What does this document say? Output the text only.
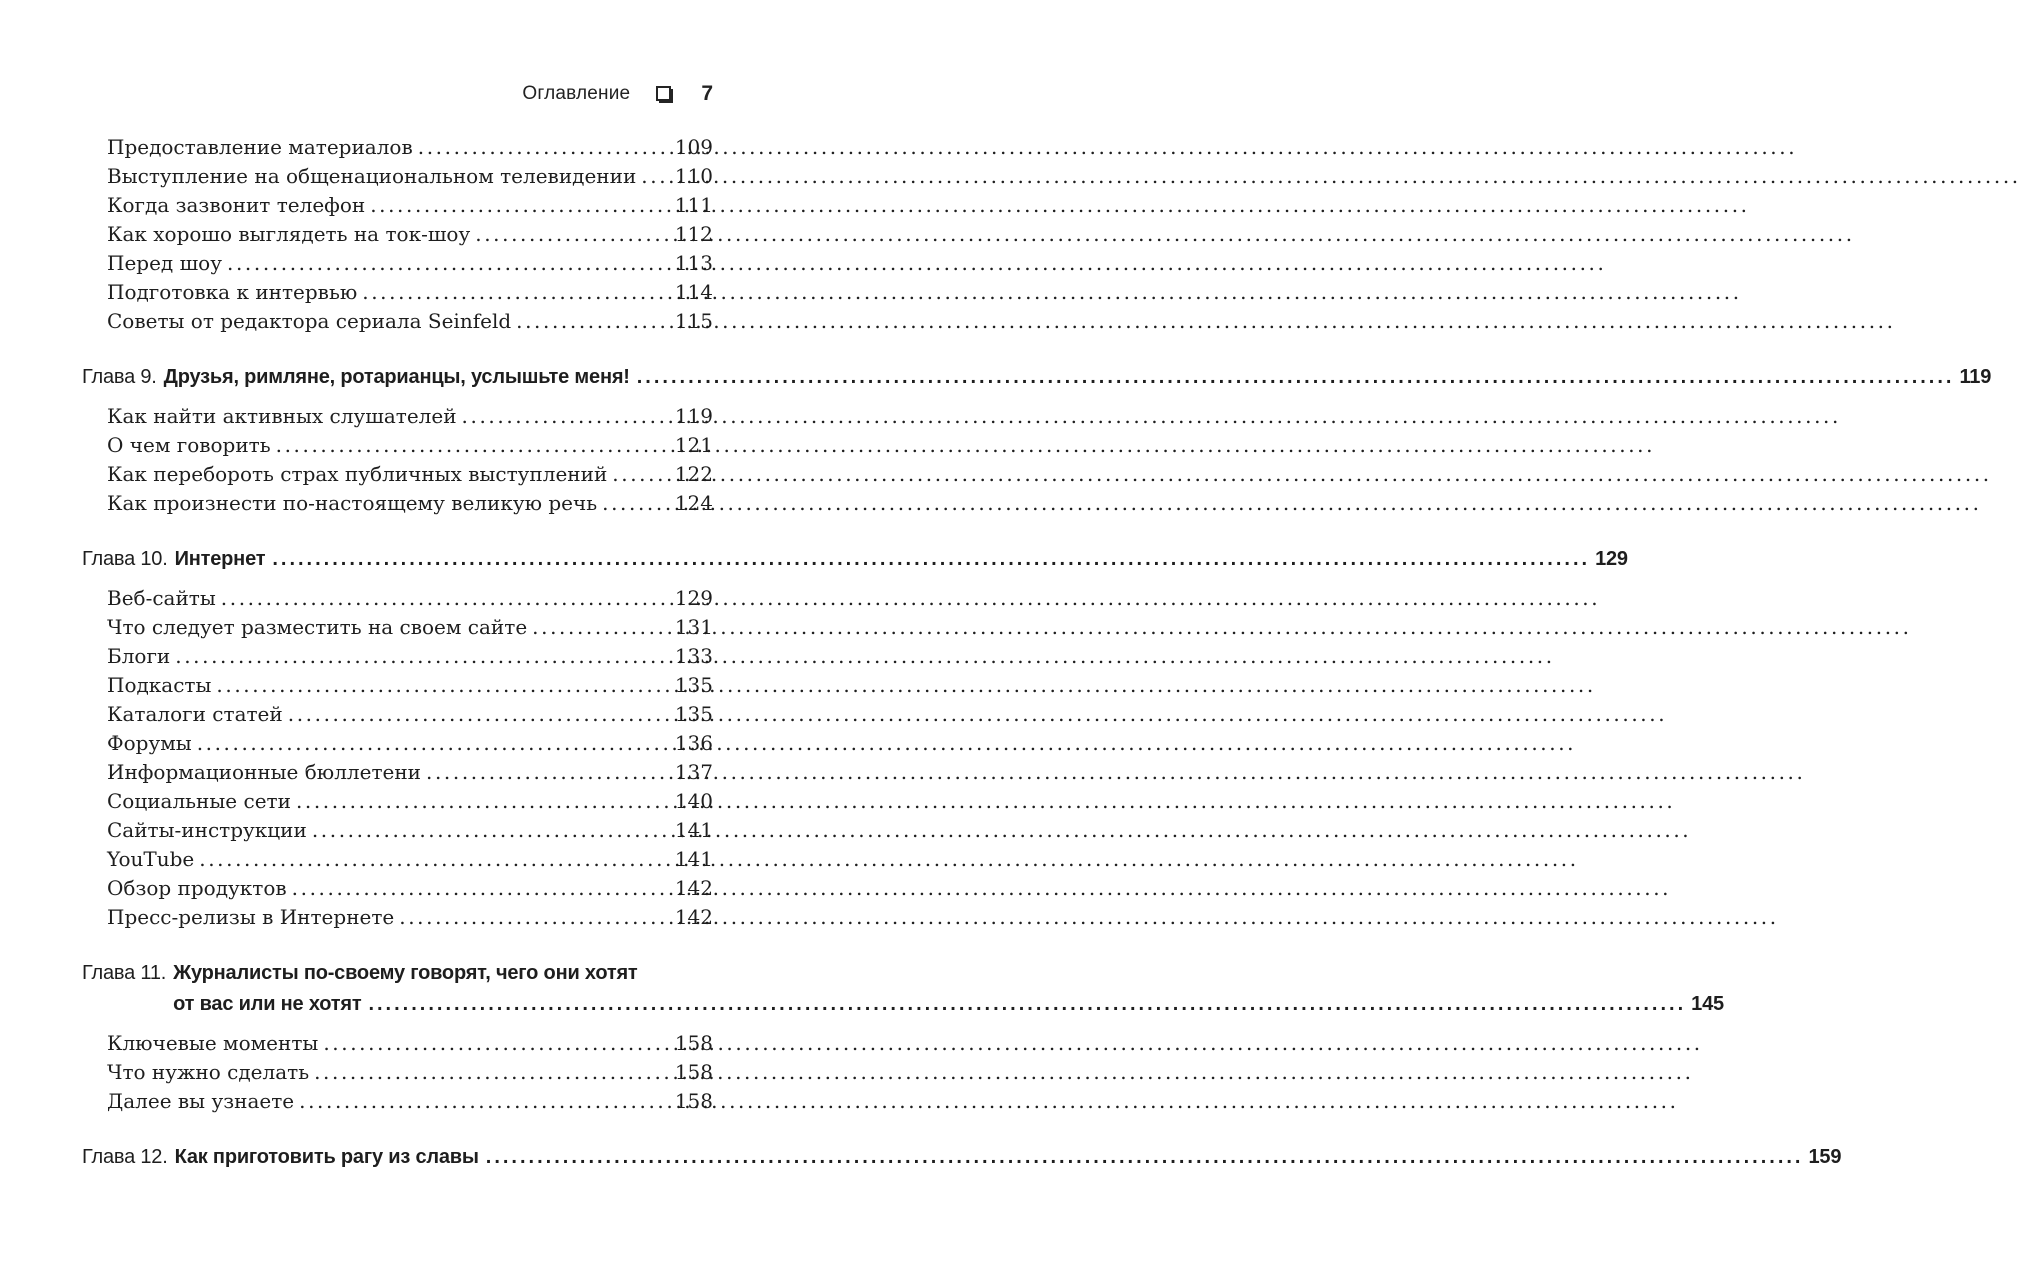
Оглавление	7
Предоставление материалов .....	109
Выступление на общенациональном телевидении ..... 110
Когда зазвонит телефон .....	111
Как хорошо выглядеть на ток-шоу .....	112
Перед шоу .....	113
Подготовка к интервью .....	114
Советы от редактора сериала Seinfeld .....	115
Глава 9. Друзья, римляне, ротарианцы, услышьте меня! .....	119
Как найти активных слушателей .....	119
О чем говорить .....	121
Как перебороть страх публичных выступлений .....	122
Как произнести по-настоящему великую речь .....	124
Глава 10. Интернет .....	129
Веб-сайты .....	129
Что следует разместить на своем сайте .....	131
Блоги .....	133
Подкасты .....	135
Каталоги статей .....	135
Форумы .....	136
Информационные бюллетени .....	137
Социальные сети .....	140
Сайты-инструкции .....	141
YouTube .....	141
Обзор продуктов .....	142
Пресс-релизы в Интернете .....	142
Глава 11. Журналисты по-своему говорят, чего они хотят
от вас или не хотят .....	145
Ключевые моменты .....	158
Что нужно сделать .....	158
Далее вы узнаете .....	158
Глава 12. Как приготовить рагу из славы .....	159
